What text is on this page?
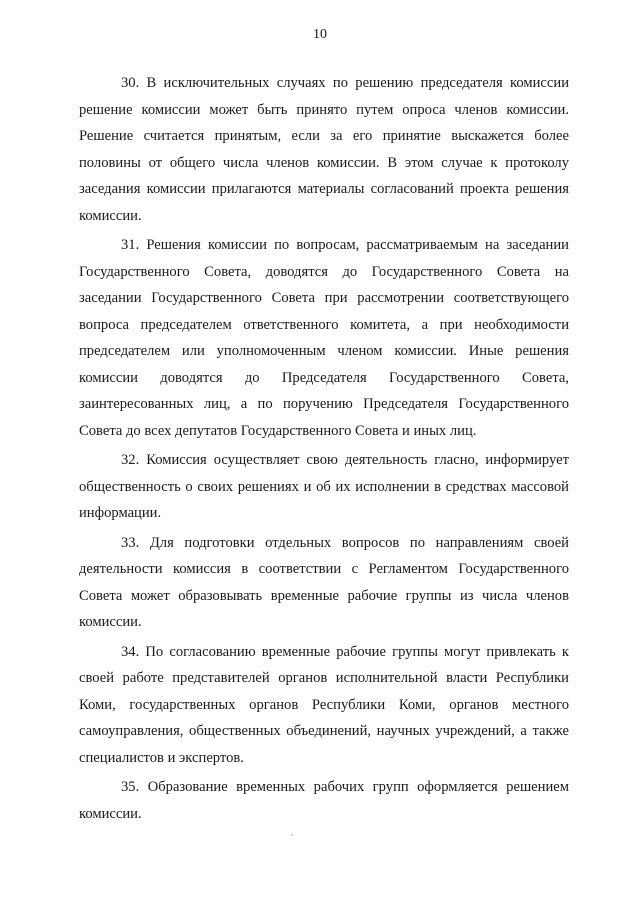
10

30. В исключительных случаях по решению председателя комиссии решение комиссии может быть принято путем опроса членов комиссии. Решение считается принятым, если за его принятие выскажется более половины от общего числа членов комиссии. В этом случае к протоколу заседания комиссии прилагаются материалы согласований проекта решения комиссии.

31. Решения комиссии по вопросам, рассматриваемым на заседании Государственного Совета, доводятся до Государственного Совета на заседании Государственного Совета при рассмотрении соответствующего вопроса председателем ответственного комитета, а при необходимости председателем или уполномоченным членом комиссии. Иные решения комиссии доводятся до Председателя Государственного Совета, заинтересованных лиц, а по поручению Председателя Государственного Совета до всех депутатов Государственного Совета и иных лиц.

32. Комиссия осуществляет свою деятельность гласно, информирует общественность о своих решениях и об их исполнении в средствах массовой информации.

33. Для подготовки отдельных вопросов по направлениям своей деятельности комиссия в соответствии с Регламентом Государственного Совета может образовывать временные рабочие группы из числа членов комиссии.

34. По согласованию временные рабочие группы могут привлекать к своей работе представителей органов исполнительной власти Республики Коми, государственных органов Республики Коми, органов местного самоуправления, общественных объединений, научных учреждений, а также специалистов и экспертов.

35. Образование временных рабочих групп оформляется решением комиссии.
